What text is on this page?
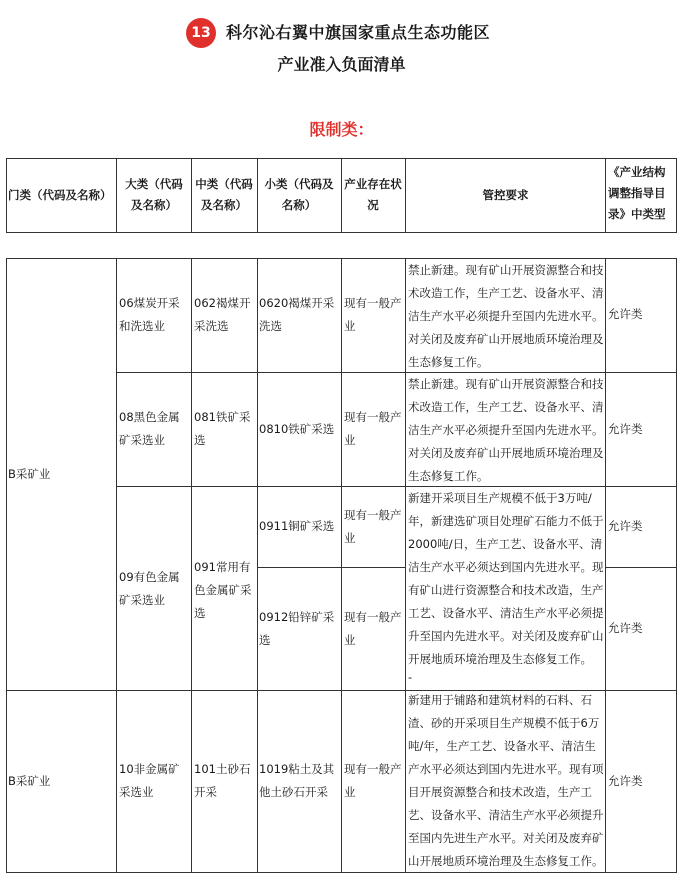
13 科尔沁右翼中旗国家重点生态功能区
产业准入负面清单
限制类：
门类（代码及名称）
大类（代码及名称）
中类（代码及名称）
小类（代码及名称）
产业存在状况
管控要求
《产业结构调整指导目录》中类型
B采矿业
B采矿业
06煤炭开采和洗选业
08黑色金属矿采选业
09有色金属矿采选业
10非金属矿采选业
062褐煤开采洗选
081铁矿采选
091常用有色金属矿采选
101土砂石开采
0620褐煤开采洗选
0810铁矿采选
0911铜矿采选
0912铅锌矿采选
1019粘土及其他土砂石开采
现有一般产业
现有一般产业
现有一般产业
现有一般产业
现有一般产业
禁止新建。现有矿山开展资源整合和技术改造工作，生产工艺、设备水平、清洁生产水平必须提升至国内先进水平。对关闭及废弃矿山开展地质环境治理及生态修复工作。
禁止新建。现有矿山开展资源整合和技术改造工作，生产工艺、设备水平、清洁生产水平必须提升至国内先进水平。对关闭及废弃矿山开展地质环境治理及生态修复工作。
新建开采项目生产规模不低于3万吨/年，新建选矿项目处理矿石能力不低于2000吨/日，生产工艺、设备水平、清洁生产水平必须达到国内先进水平。现有矿山进行资源整合和技术改造，生产工艺、设备水平、清洁生产水平必须提升至国内先进水平。对关闭及废弃矿山开展地质环境治理及生态修复工作。
-
新建用于铺路和建筑材料的石料、石渣、砂的开采项目生产规模不低于6万吨/年，生产工艺、设备水平、清洁生产水平必须达到国内先进水平。现有项目开展资源整合和技术改造，生产工艺、设备水平、清洁生产水平必须提升至国内先进生产水平。对关闭及废弃矿山开展地质环境治理及生态修复工作。
允许类
允许类
允许类
允许类
允许类
